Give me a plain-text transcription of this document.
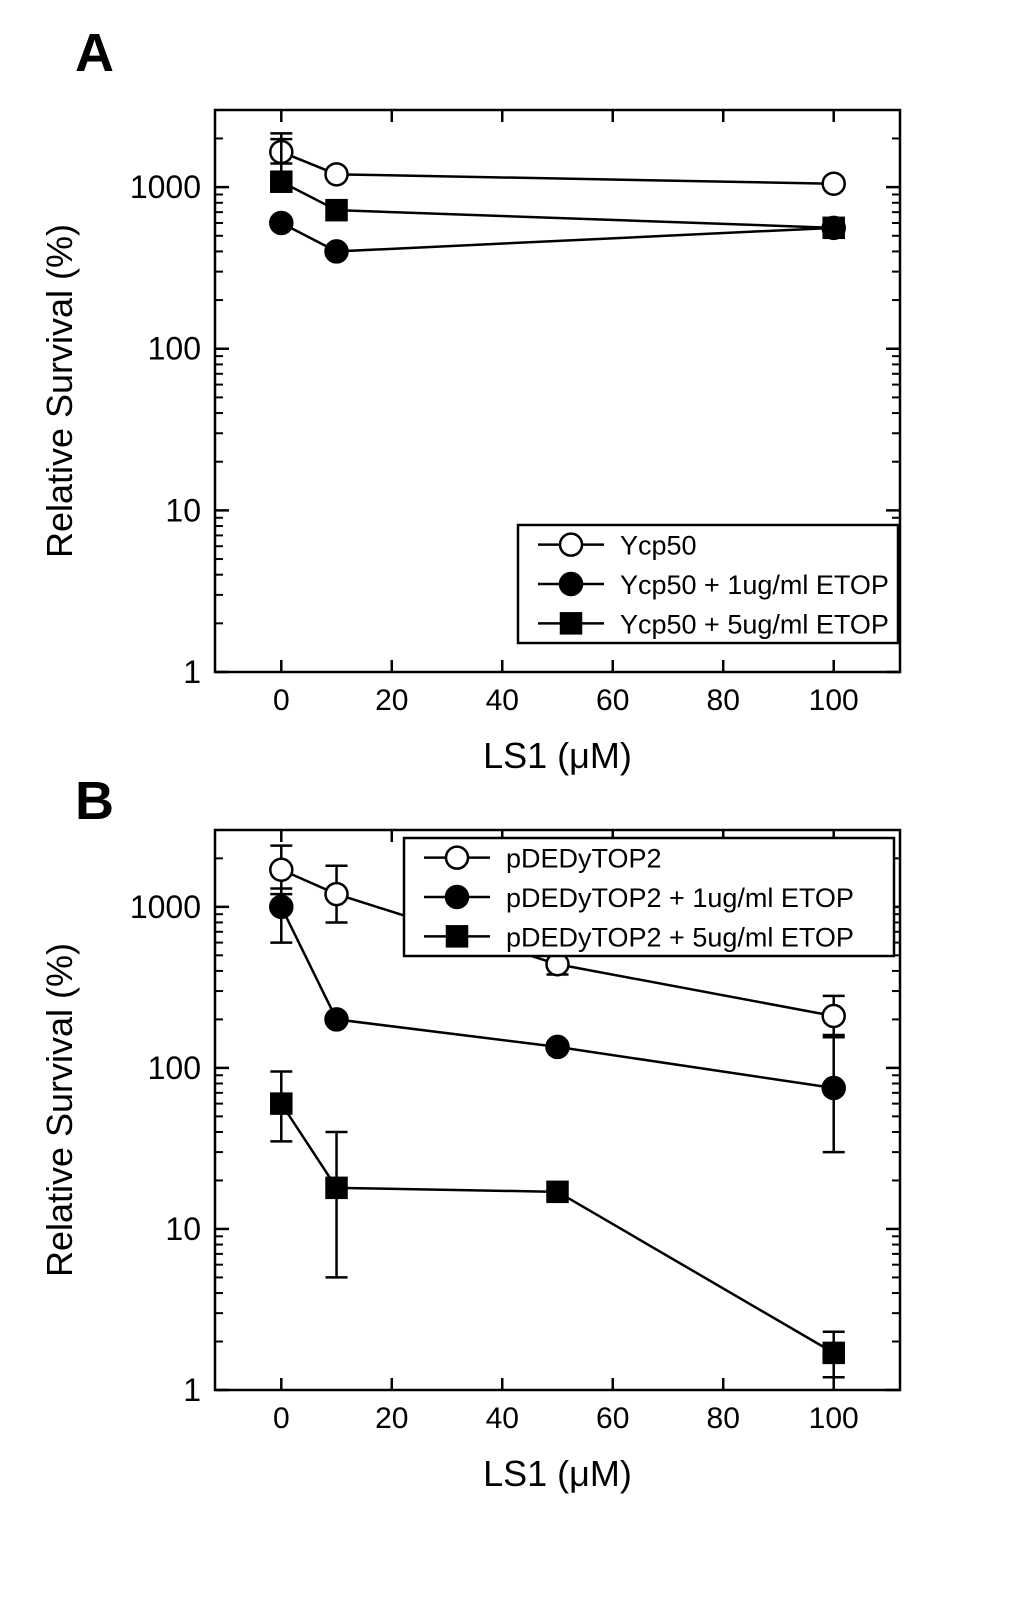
A
0	20	40	60	80 100
1
10
100
1000
Relative Survival (%)
LS1 (μM)
Ycp50
Ycp50 + 1ug/ml ETOP
Ycp50 + 5ug/ml ETOP
B
0	20	40	60	80 100
1
10
100
1000
Relative Survival (%)
LS1 (μM)
pDEDyTOP2
pDEDyTOP2 + 1ug/ml ETOP
pDEDyTOP2 + 5ug/ml ETOP
